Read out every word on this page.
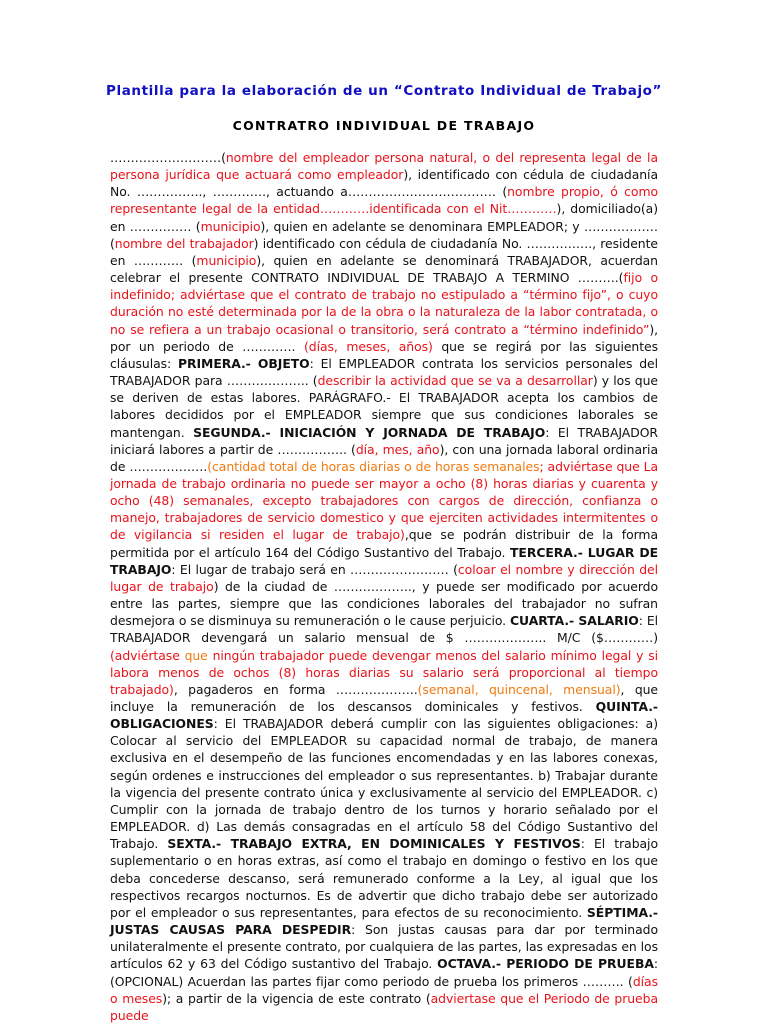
Plantilla para la elaboración de un “Contrato Individual de Trabajo”
CONTRATRO INDIVIDUAL DE TRABAJO
………………………(nombre del empleador persona natural, o del representa legal de la persona jurídica que actuará como empleador), identificado con cédula de ciudadanía No. ……………., …………., actuando a……………………………… (nombre propio, ó como representante legal de la entidad…………identificada con el Nit…………), domiciliado(a) en …………… (municipio), quien en adelante se denominara EMPLEADOR; y ……………… (nombre del trabajador) identificado con cédula de ciudadanía No. ……………., residente en ………… (municipio), quien en adelante se denominará TRABAJADOR, acuerdan celebrar el presente CONTRATO INDIVIDUAL DE TRABAJO A TERMINO ……….(fijo o indefinido; adviértase que el contrato de trabajo no estipulado a “término fijo”, o cuyo duración no esté determinada por la de la obra o la naturaleza de la labor contratada, o no se refiera a un trabajo ocasional o transitorio, será contrato a “término indefinido”), por un periodo de …………. (días, meses, años) que se regirá por las siguientes cláusulas: PRIMERA.- OBJETO: El EMPLEADOR contrata los servicios personales del TRABAJADOR para ……………….. (describir la actividad que se va a desarrollar) y los que se deriven de estas labores. PARÁGRAFO.- El TRABAJADOR acepta los cambios de labores decididos por el EMPLEADOR siempre que sus condiciones laborales se mantengan. SEGUNDA.- INICIACIÓN Y JORNADA DE TRABAJO: El TRABAJADOR iniciará labores a partir de …………….. (día, mes, año), con una jornada laboral ordinaria de ……………….(cantidad total de horas diarias o de horas semanales; adviértase que La jornada de trabajo ordinaria no puede ser mayor a ocho (8) horas diarias y cuarenta y ocho (48) semanales, excepto trabajadores con cargos de dirección, confianza o manejo, trabajadores de servicio domestico y que ejerciten actividades intermitentes o de vigilancia si residen el lugar de trabajo),que se podrán distribuir de la forma permitida por el artículo 164 del Código Sustantivo del Trabajo. TERCERA.- LUGAR DE TRABAJO: El lugar de trabajo será en …………………… (coloar el nombre y dirección del lugar de trabajo) de la ciudad de ………………., y puede ser modificado por acuerdo entre las partes, siempre que las condiciones laborales del trabajador no sufran desmejora o se disminuya su remuneración o le cause perjuicio. CUARTA.- SALARIO: El TRABAJADOR devengará un salario mensual de $ ……………….. M/C ($…………) (adviértase que ningún trabajador puede devengar menos del salario mínimo legal y si labora menos de ochos (8) horas diarias su salario será proporcional al tiempo trabajado), pagaderos en forma ………………..(semanal, quincenal, mensual), que incluye la remuneración de los descansos dominicales y festivos. QUINTA.- OBLIGACIONES: El TRABAJADOR deberá cumplir con las siguientes obligaciones: a) Colocar al servicio del EMPLEADOR su capacidad normal de trabajo, de manera exclusiva en el desempeño de las funciones encomendadas y en las labores conexas, según ordenes e instrucciones del empleador o sus representantes. b) Trabajar durante la vigencia del presente contrato única y exclusivamente al servicio del EMPLEADOR. c) Cumplir con la jornada de trabajo dentro de los turnos y horario señalado por el EMPLEADOR. d) Las demás consagradas en el artículo 58 del Código Sustantivo del Trabajo. SEXTA.- TRABAJO EXTRA, EN DOMINICALES Y FESTIVOS: El trabajo suplementario o en horas extras, así como el trabajo en domingo o festivo en los que deba concederse descanso, será remunerado conforme a la Ley, al igual que los respectivos recargos nocturnos. Es de advertir que dicho trabajo debe ser autorizado por el empleador o sus representantes, para efectos de su reconocimiento. SÉPTIMA.- JUSTAS CAUSAS PARA DESPEDIR: Son justas causas para dar por terminado unilateralmente el presente contrato, por cualquiera de las partes, las expresadas en los artículos 62 y 63 del Código sustantivo del Trabajo. OCTAVA.- PERIODO DE PRUEBA: (OPCIONAL) Acuerdan las partes fijar como periodo de prueba los primeros ………. (días o meses); a partir de la vigencia de este contrato (adviertase que el Periodo de prueba puede
